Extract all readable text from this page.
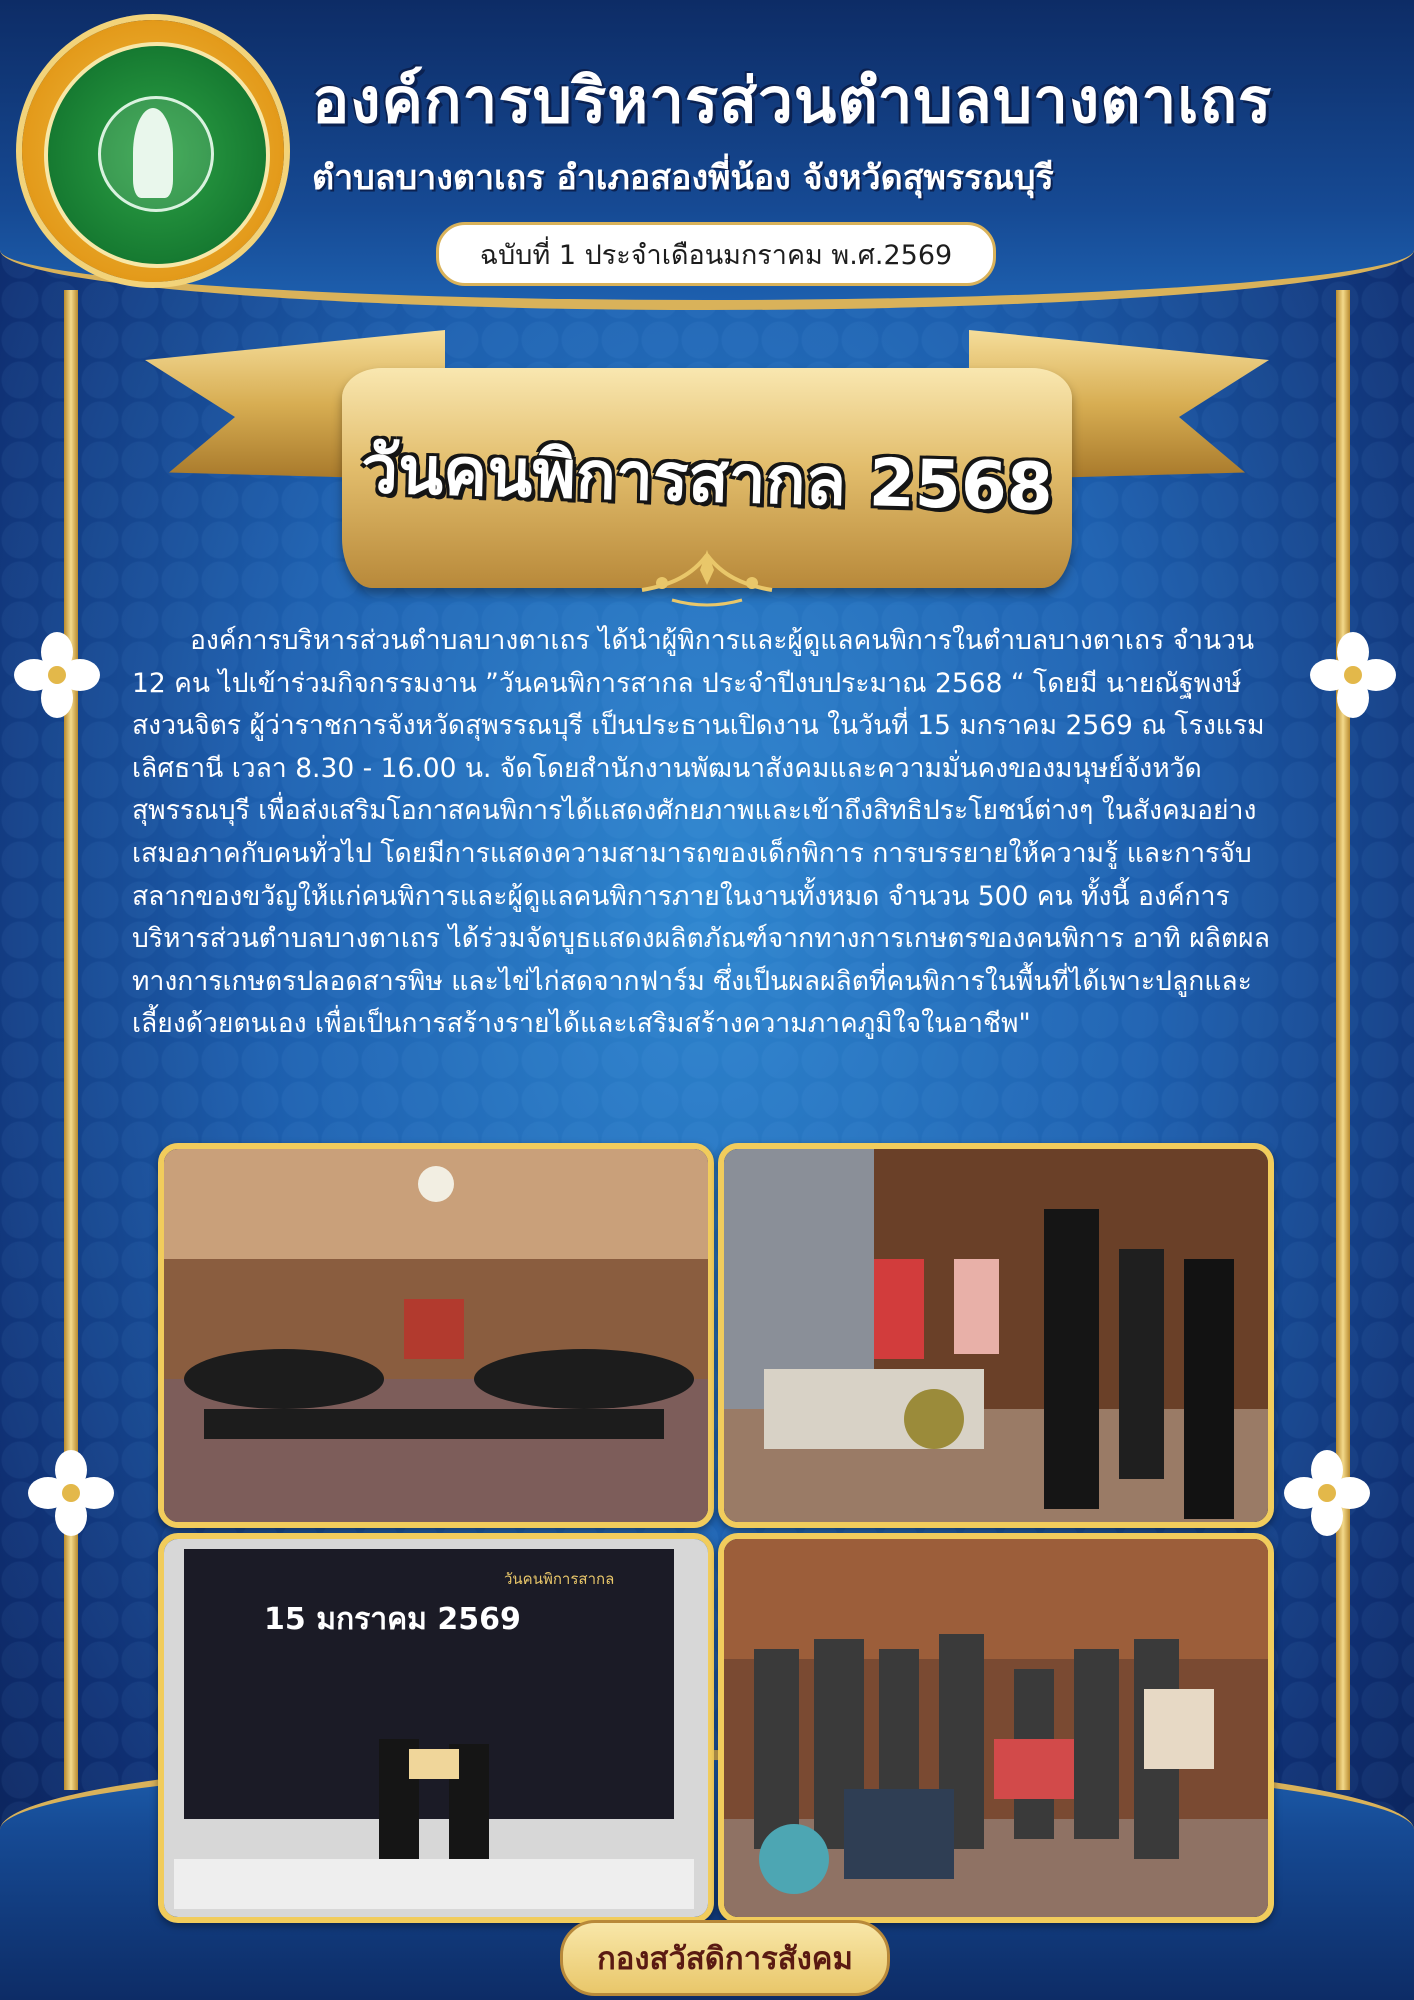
องค์การบริหารส่วนตำบลบางตาเถร
ตำบลบางตาเถร อำเภอสองพี่น้อง จังหวัดสุพรรณบุรี
ฉบับที่ 1 ประจำเดือนมกราคม พ.ศ.2569
วันคนพิการสากล 2568
องค์การบริหารส่วนตำบลบางตาเถร ได้นำผู้พิการและผู้ดูแลคนพิการในตำบลบางตาเถร จำนวน 12 คน ไปเข้าร่วมกิจกรรมงาน ”วันคนพิการสากล ประจำปีงบประมาณ 2568 “ โดยมี นายณัฐพงษ์ สงวนจิตร ผู้ว่าราชการจังหวัดสุพรรณบุรี เป็นประธานเปิดงาน ในวันที่ 15 มกราคม 2569 ณ โรงแรมเลิศธานี เวลา 8.30 - 16.00 น. จัดโดยสำนักงานพัฒนาสังคมและความมั่นคงของมนุษย์จังหวัดสุพรรณบุรี เพื่อส่งเสริมโอกาสคนพิการได้แสดงศักยภาพและเข้าถึงสิทธิประโยชน์ต่างๆ ในสังคมอย่างเสมอภาคกับคนทั่วไป โดยมีการแสดงความสามารถของเด็กพิการ การบรรยายให้ความรู้ และการจับสลากของขวัญให้แก่คนพิการและผู้ดูแลคนพิการภายในงานทั้งหมด จำนวน 500 คน ทั้งนี้ องค์การบริหารส่วนตำบลบางตาเถร ได้ร่วมจัดบูธแสดงผลิตภัณฑ์จากทางการเกษตรของคนพิการ อาทิ ผลิตผลทางการเกษตรปลอดสารพิษ และไข่ไก่สดจากฟาร์ม ซึ่งเป็นผลผลิตที่คนพิการในพื้นที่ได้เพาะปลูกและเลี้ยงด้วยตนเอง เพื่อเป็นการสร้างรายได้และเสริมสร้างความภาคภูมิใจในอาชีพ"
15 มกราคม 2569
วันคนพิการสากล
กองสวัสดิการสังคม
